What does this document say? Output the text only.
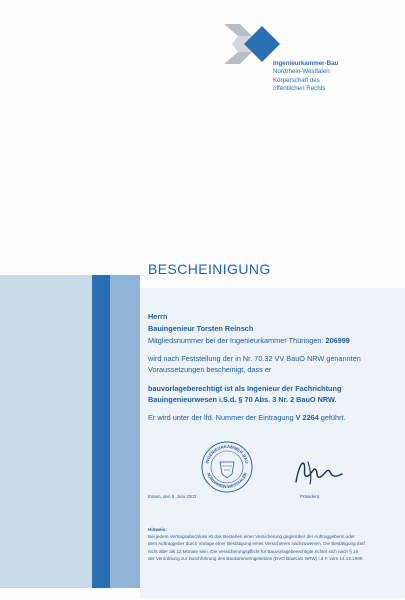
Ingenieurkammer-Bau
Nordrhein-Westfalen
Körperschaft des
öffentlichen Rechts
BESCHEINIGUNG
Herrn
Bauingenieur Torsten Reinsch
Mitgliedsnummer bei der Ingenieurkammer Thüringen: 206999
wird nach Feststellung der in Nr. 70.32 VV BauO NRW genannten
Voraussetzungen bescheinigt, dass er
bauvorlageberechtigt ist als Ingenieur der Fachrichtung
Bauingenieurwesen i.S.d. § 70 Abs. 3 Nr. 2 BauO NRW.
Er wird unter der lfd. Nummer der Eintragung V 2264 geführt.
INGENIEURKAMMER-BAU
NORDRHEIN-WESTFALEN
Essen, den 9. Juni 2003	Präsident
Hinweis:
Bei jedem Vertragsabschluss ist das Bestehen einer Versicherung gegenüber der Auftraggeberin oder
dem Auftraggeber durch Vorlage einer Bestätigung eines Versicherers nachzuweisen. Die Bestätigung darf
nicht älter als 12 Monate sein. Die Versicherungspflicht für Bauvorlageberechtigte richtet sich nach § 16
der Verordnung zur Durchführung des Baukammerngesetzes (DVO BauKaG NRW) i.d.F. vom 14.12.1999.
